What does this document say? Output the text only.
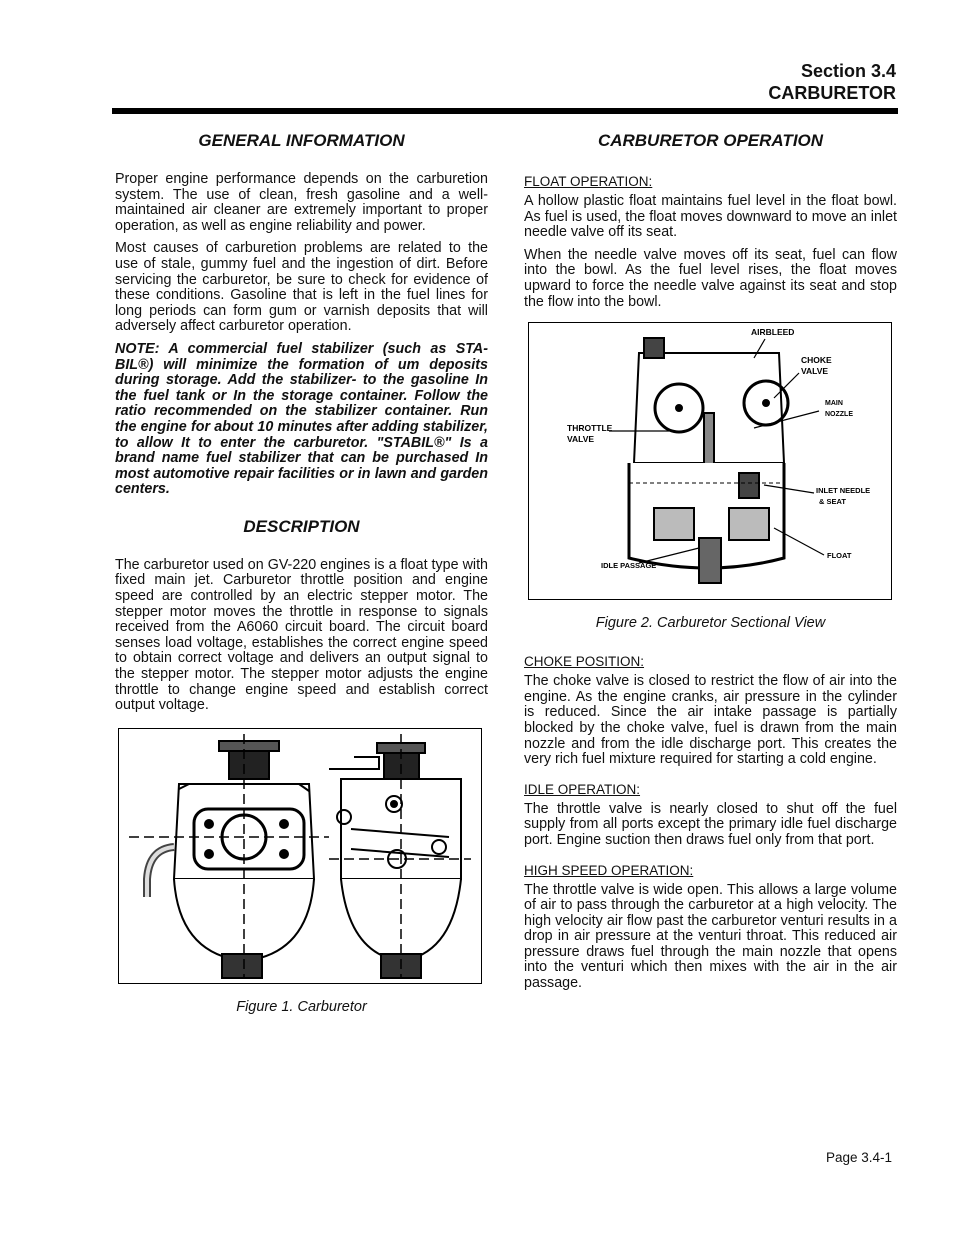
Section 3.4
CARBURETOR
GENERAL INFORMATION

Proper engine performance depends on the carburetion system. The use of clean, fresh gasoline and a well-maintained air cleaner are extremely important to proper operation, as well as engine reliability and power.

Most causes of carburetion problems are related to the use of stale, gummy fuel and the ingestion of dirt. Before servicing the carburetor, be sure to check for evidence of these conditions. Gasoline that is left in the fuel lines for long periods can form gum or varnish deposits that will adversely affect carburetor operation.

NOTE: A commercial fuel stabilizer (such as STA-BIL®) will minimize the formation of um deposits during storage. Add the stabilizer- to the gasoline In the fuel tank or In the storage container. Follow the ratio recommended on the stabilizer container. Run the engine for about 10 minutes after adding stabilizer, to allow It to enter the carburetor. "STABIL®" Is a brand name fuel stabilizer that can be purchased In most automotive repair facilities or in lawn and garden centers.

DESCRIPTION

The carburetor used on GV-220 engines is a float type with fixed main jet. Carburetor throttle position and engine speed are controlled by an electric stepper motor. The stepper motor moves the throttle in response to signals received from the A6060 circuit board. The circuit board senses load voltage, establishes the correct engine speed to obtain correct voltage and delivers an output signal to the stepper motor. The stepper motor adjusts the engine throttle to change engine speed and establish correct output voltage.

Figure 1. Carburetor
CARBURETOR OPERATION
FLOAT OPERATION:

A hollow plastic float maintains fuel level in the float bowl. As fuel is used, the float moves downward to move an inlet needle valve off its seat.

When the needle valve moves off its seat, fuel can flow into the bowl. As the fuel level rises, the float moves upward to force the needle valve against its seat and stop the flow into the bowl.

AIRBLEED
CHOKE
VALVE
MAIN
NOZZLE
THROTTLE
VALVE
INLET NEEDLE
& SEAT
IDLE PASSAGE
FLOAT
Figure 2. Carburetor Sectional View
CHOKE POSITION:

The choke valve is closed to restrict the flow of air into the engine. As the engine cranks, air pressure in the cylinder is reduced. Since the air intake passage is partially blocked by the choke valve, fuel is drawn from the main nozzle and from the idle discharge port. This creates the very rich fuel mixture required for starting a cold engine.

IDLE OPERATION:

The throttle valve is nearly closed to shut off the fuel supply from all ports except the primary idle fuel discharge port. Engine suction then draws fuel only from that port.

HIGH SPEED OPERATION:

The throttle valve is wide open. This allows a large volume of air to pass through the carburetor at a high velocity. The high velocity air flow past the carburetor venturi results in a drop in air pressure at the venturi throat. This reduced air pressure draws fuel through the main nozzle that opens into the venturi which then mixes with the air in the air passage.

Page 3.4-1
